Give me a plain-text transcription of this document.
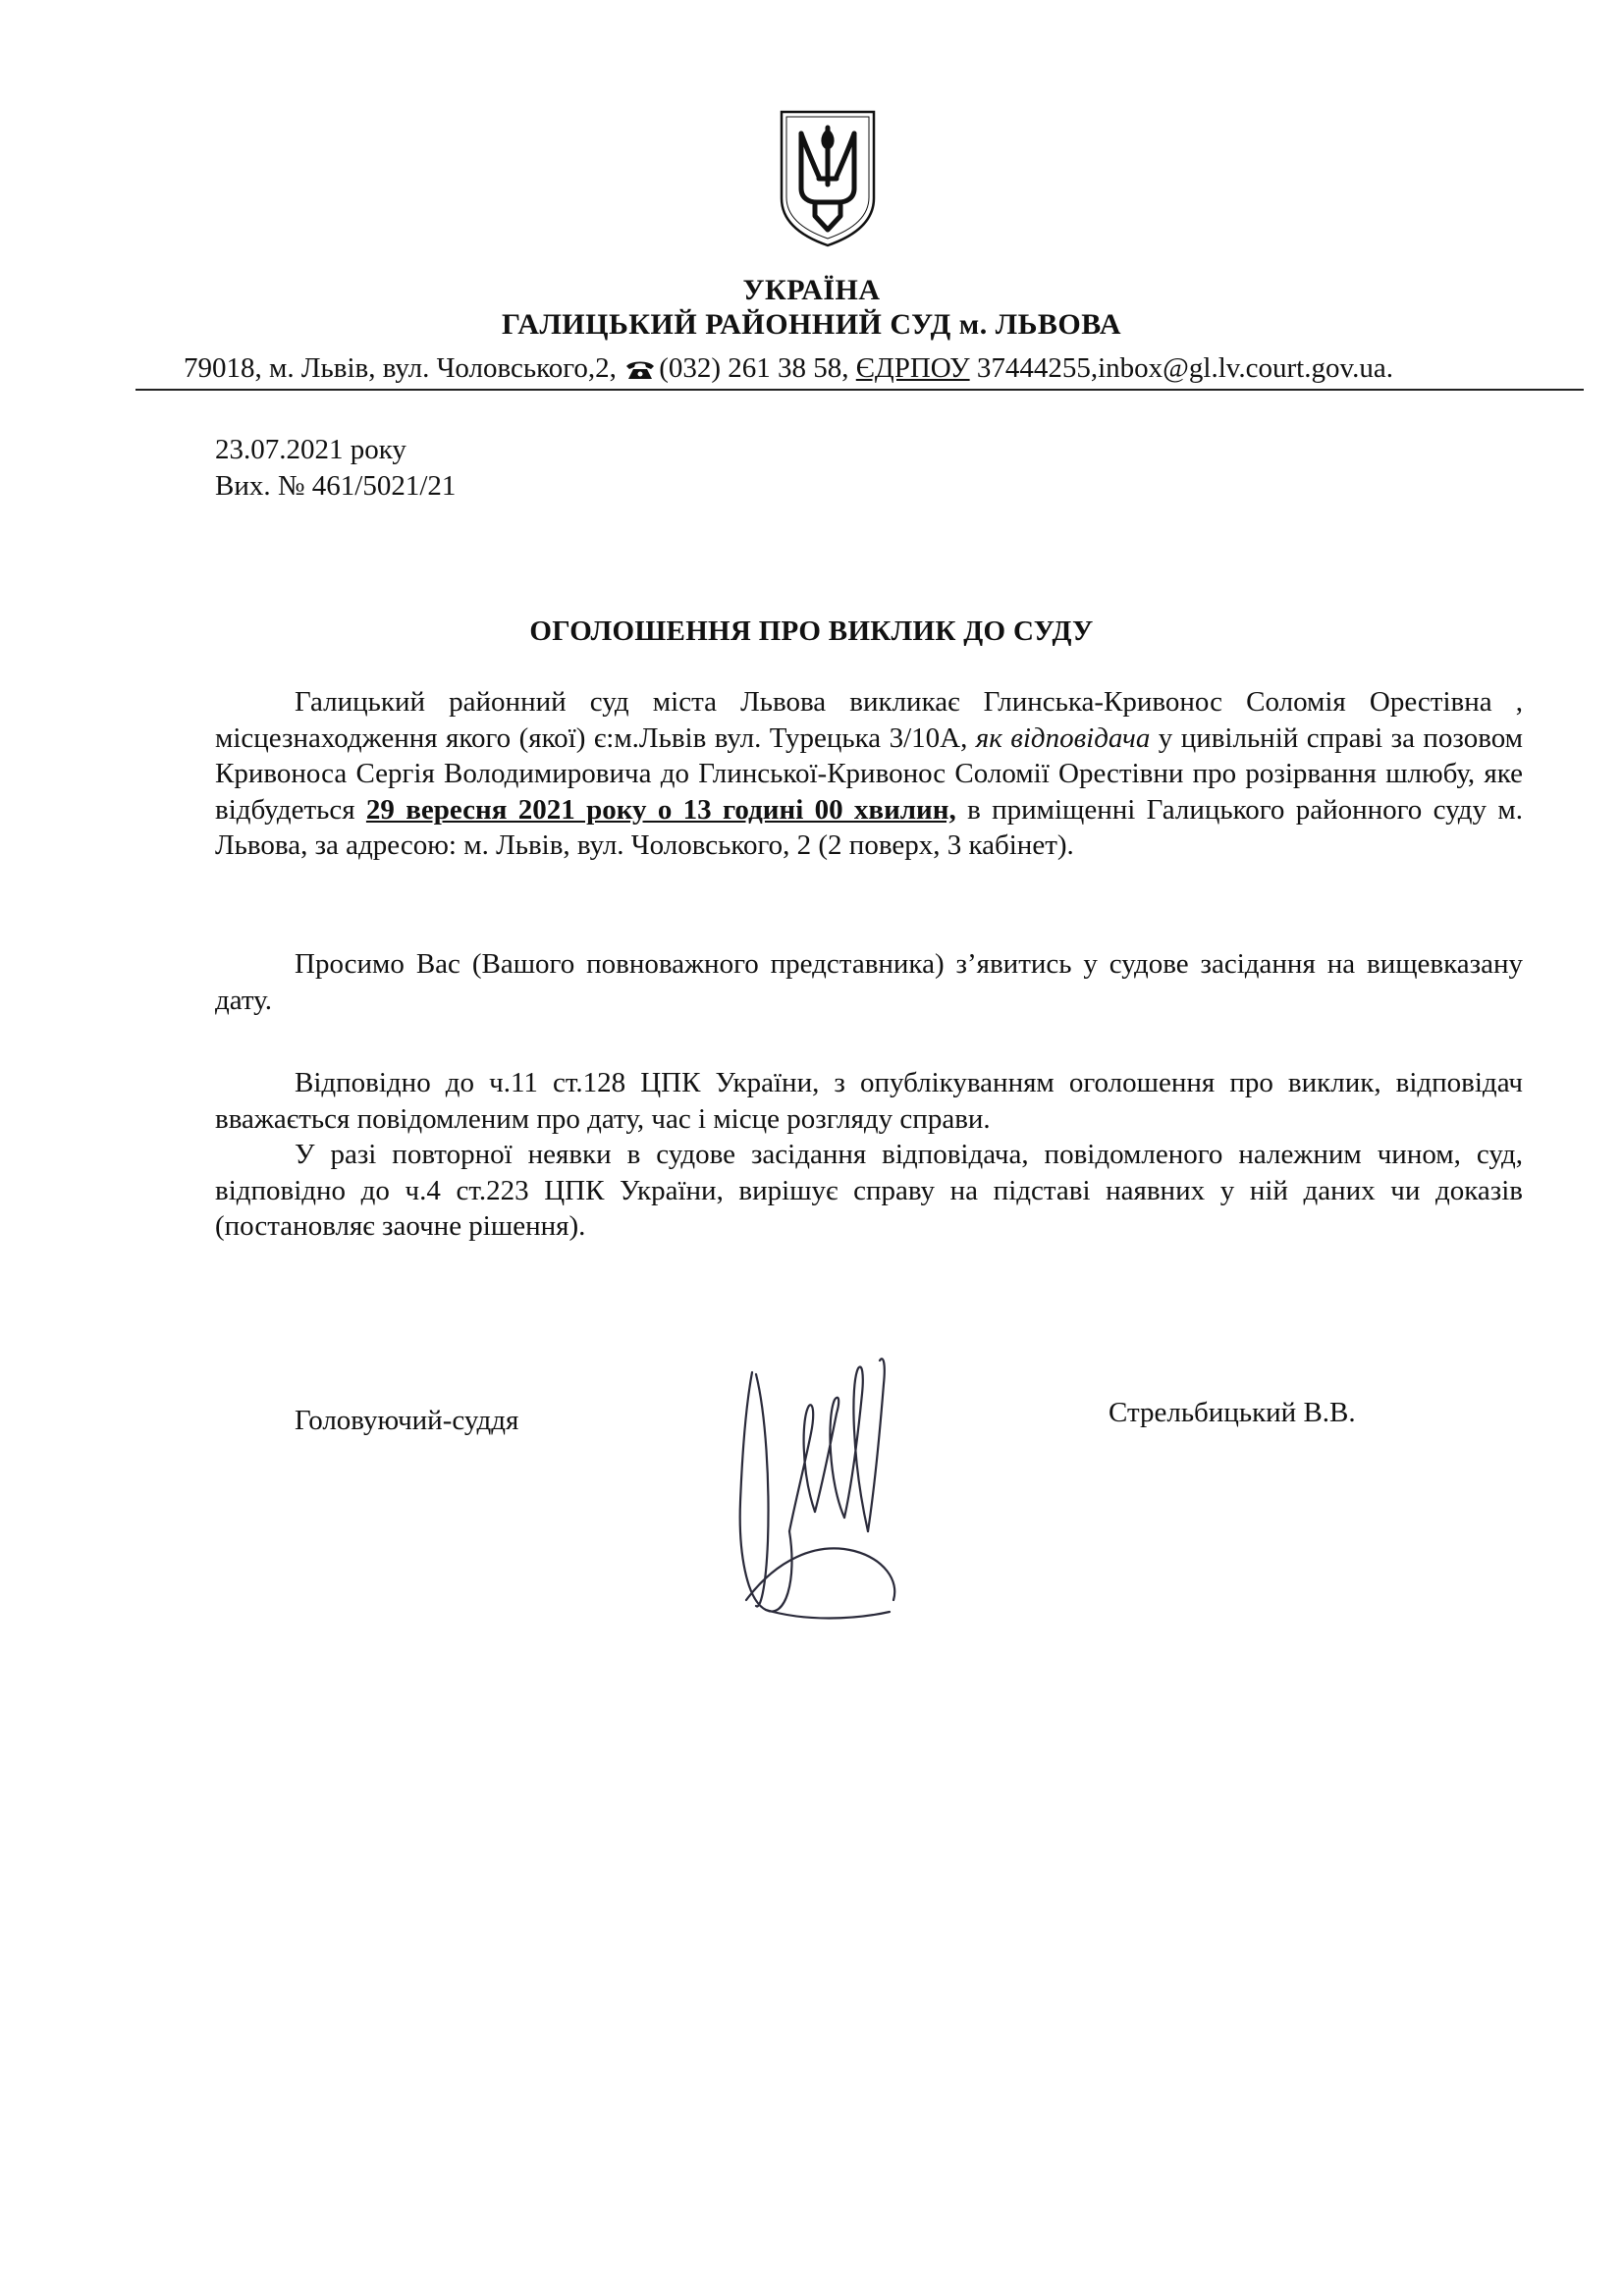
УКРАЇНА
ГАЛИЦЬКИЙ РАЙОННИЙ СУД м. ЛЬВОВА
79018, м. Львів, вул. Чоловського,2, (032) 261 38 58, ЄДРПОУ 37444255,inbox@gl.lv.court.gov.ua.
23.07.2021 року
Вих. № 461/5021/21
ОГОЛОШЕННЯ ПРО ВИКЛИК ДО СУДУ
Галицький районний суд міста Львова викликає Глинська-Кривонос Соломія Орестівна , місцезнаходження якого (якої) є:м.Львів вул. Турецька 3/10А, як відповідача у цивільній справі за позовом Кривоноса Сергія Володимировича до Глинської-Кривонос Соломії Орестівни про розірвання шлюбу, яке відбудеться 29 вересня 2021 року о 13 годині 00 хвилин, в приміщенні Галицького районного суду м. Львова, за адресою: м. Львів, вул. Чоловського, 2 (2 поверх, 3 кабінет).
Просимо Вас (Вашого повноважного представника) з’явитись у судове засідання на вищевказану дату.
Відповідно до ч.11 ст.128 ЦПК України, з опублікуванням оголошення про виклик, відповідач вважається повідомленим про дату, час і місце розгляду справи.
У разі повторної неявки в судове засідання відповідача, повідомленого належним чином, суд, відповідно до ч.4 ст.223 ЦПК України, вирішує справу на підставі наявних у ній даних чи доказів (постановляє заочне рішення).
Головуючий-суддя	Стрельбицький В.В.
